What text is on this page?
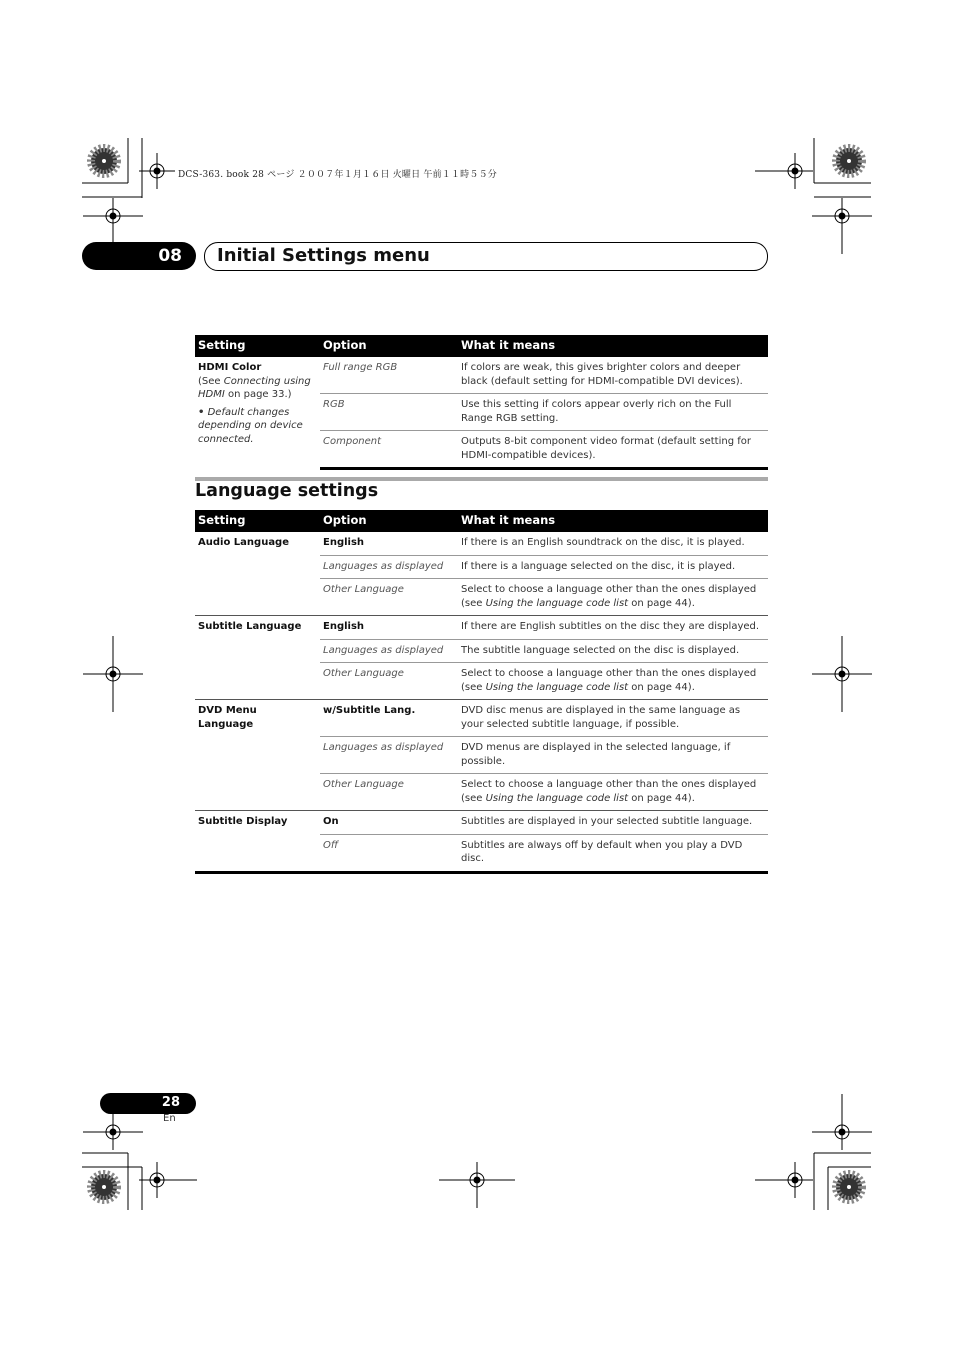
DCS-363. book 28 ページ ２００７年１月１６日 火曜日 午前１１時５５分
08 Initial Settings menu
Setting	Option	What it means

HDMI Color
(See Connecting using HDMI on page 33.)
• Default changes depending on device connected.	Full range RGB	If colors are weak, this gives brighter colors and deeper black (default setting for HDMI-compatible DVI devices).
	RGB	Use this setting if colors appear overly rich on the Full Range RGB setting.
	Component	Outputs 8-bit component video format (default setting for HDMI-compatible devices).
Language settings
Setting	Option	What it means
Audio Language	English	If there is an English soundtrack on the disc, it is played.
	Languages as displayed	If there is a language selected on the disc, it is played.
	Other Language	Select to choose a language other than the ones displayed (see Using the language code list on page 44).
Subtitle Language	English	If there are English subtitles on the disc they are displayed.
	Languages as displayed	The subtitle language selected on the disc is displayed.
	Other Language	Select to choose a language other than the ones displayed (see Using the language code list on page 44).

DVD Menu Language	w/Subtitle Lang.	DVD disc menus are displayed in the same language as your selected subtitle language, if possible.
	Languages as displayed	DVD menus are displayed in the selected language, if possible.
	Other Language	Select to choose a language other than the ones displayed (see Using the language code list on page 44).
Subtitle Display	On	Subtitles are displayed in your selected subtitle language.
	Off	Subtitles are always off by default when you play a DVD disc.
28
En
